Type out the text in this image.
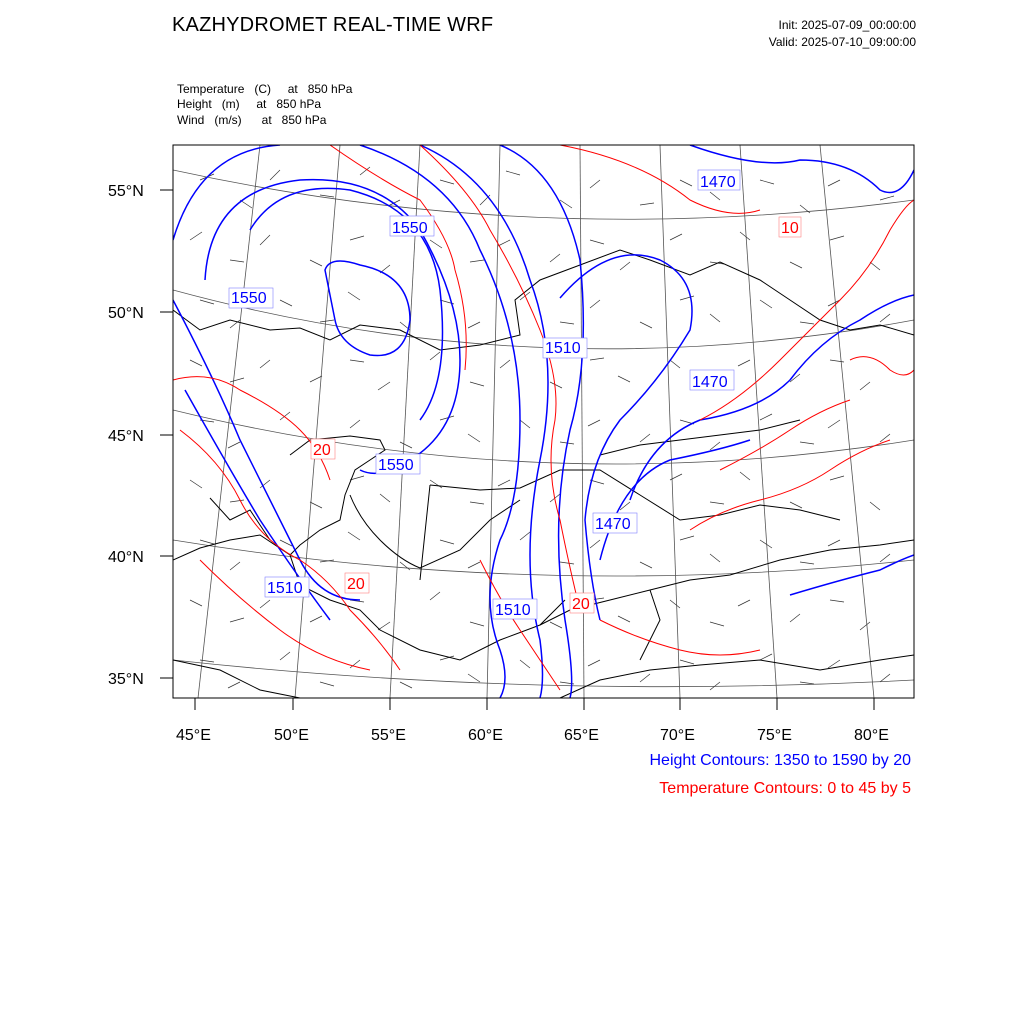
KAZHYDROMET REAL-TIME WRF	Init: 2025-07-09_00:00:00
Valid: 2025-07-10_09:00:00
Temperature   (C)     at   850 hPa
Height   (m)     at   850 hPa
Wind   (m/s)      at   850 hPa
1470
1550
1550
1510
1470
1550
1470
1510
1510
10
20
20
20
55°N
50°N
45°N
40°N
35°N
45°E	50°E	55°E	60°E	65°E	70°E	75°E	80°E
Height Contours: 1350 to 1590 by 20
Temperature Contours: 0 to 45 by 5
